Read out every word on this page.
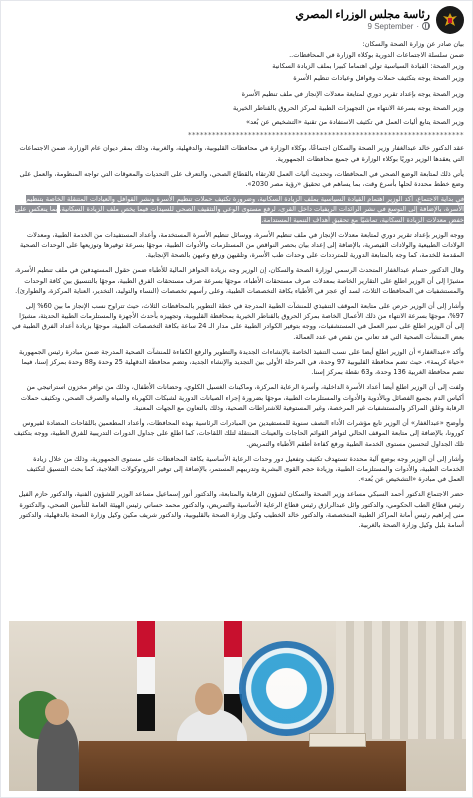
رئاسة مجلس الوزراء المصري
9 September ·

بيان صادر عن وزارة الصحة والسكان:

ضمن سلسلة الاجتماعات الدورية بوكلاء الوزارة في المحافظات..

وزير الصحة: القيادة السياسية تولي اهتماما كبيرا بملف الزيادة السكانية

وزير الصحة يوجه بتكثيف حملات وقوافل وعيادات تنظيم الأسرة

وزير الصحة يوجه بإعداد تقرير دوري لمتابعة معدلات الإنجاز في ملف تنظيم الأسرة

وزير الصحة يوجه بسرعة الانتهاء من التجهيزات الطبية لمركز الحروق بالقناطر الخيرية

وزير الصحة يتابع أليات العمل في تكثيف الاستفادة من تقنية «التشخيص عن بُعد»

*********************************************************************

عقد الدكتور خالد عبدالغفار وزير الصحة والسكان اجتماعًا، بوكلاء الوزارة في محافظات القليوبية، والدقهلية، والغربية، وذلك بمقر ديوان عام الوزارة، ضمن الاجتماعات التي يعقدها الوزير دوريًا بوكلاء الوزارة في جميع محافظات الجمهورية.

يأتي ذلك لمتابعة الوضع الصحي في المحافظات، وتحديث أليات العمل للارتقاء بالقطاع الصحي، والتعرف على التحديات والمعوقات التي تواجه المنظومة، والعمل على وضع خطط محددة لحلها بأسرع وقت، بما يساهم في تحقيق «رؤية مصر 2030».

في بداية الاجتماع، أكد الوزير اهتمام القيادة السياسية بملف الزيادة السكانية، وضرورة تكثيف حملات تنظيم الأسرة ونشر القوافل والعيادات المتنقلة الخاصة بتنظيم الأسرة، بالإضافة إلى التوسع في نشر الرائدات الريفيات داخل القرى، لرفع مستوى الوعي والتثقيف الصحي للسيدات فيما يخص ملف الزيادة السكانية، بما ينعكس على خفض معدلات الزيادة السكانية، تماشيًا مع تحقيق أهداف التنمية المستدامة.

ووجه الوزير بإعداد تقرير دوري لمتابعة معدلات الإنجاز في ملف تنظيم الأسرة، ووسائل تنظيم الأسرة المستخدمة، وأعداد المستفيدات من الخدمة الطبية، ومعدلات الولادات الطبيعية والولادات القيصرية، بالإضافة إلى إعداد بيان بحصر النواقص من المستلزمات والأدوات الطبية، موجهًا بسرعة توفيرها وتوزيعها على الوحدات الصحية المقدمة للخدمة، كما وجه بالمتابعة الدورية للمترددات على وحدات طب الأسرة، وتلقيهن ورفع وعيهن بالصحة الإنجابية.

وقال الدكتور حسام عبدالغفار المتحدث الرسمي لوزارة الصحة والسكان، إن الوزير وجه بزيادة الحوافز المالية للأطباء ضمن حقول المستهدفين في ملف تنظيم الأسرة، مشيرًا إلى أن الوزير اطلع على التقارير الخاصة بمعدلات صرف مستحقات الأطباء، موجهًا بسرعة صرف مستحقات الفرق الطبية، موجهًا بالتنسيق بين كافة الوحدات والمستشفيات في المحافظات الثلاث، لسد أي عجز في الأطباء بكافة التخصصات الطبية، وعلى رأسهم تخصصات (النساء والتوليد، التخدير، العناية المركزة، والطوارئ).

وأشار إلى أن الوزير حرص على متابعة الموقف التنفيذي للمنشآت الطبية المدرجة في خطة التطوير بالمحافظات الثلاث، حيث تتراوح نسب الإنجاز ما بين 60% إلى 97%، موجهًا بسرعة الانتهاء من ذلك الأعمال الخاصة بمركز الحروق بالقناطر الخيرية بمحافظة القليوبية، وتجهيزه بأحدث الأجهزة والمستلزمات الطبية الحديثة، مشيرًا إلى أن الوزير اطلع على سير العمل في المستشفيات، ووجه بتوفير الكوادر الطبية على مدار الـ 24 ساعة بكافة التخصصات الطبية، موجهًا بزيادة أعداد الفرق الطبية في بعض المنشآت الصحية التي قد تعاني من نقص في عدد العمالة.

وأكد «عبدالغفار» أن الوزير اطلع أيضا على نسب التنفيذ الخاصة بالإنشاءات الجديدة والتطوير والرفع الكفاءة للمنشآت الصحية المدرجة ضمن مبادرة رئيس الجمهورية «حياة كريمة»، حيث تضم محافظة القليوبية 97 وحدة، في المرحلة الأولى بين التجديد والإنشاء الجديد، وتضم محافظة الدقهلية 25 وحدة و88 وحدة بمركز إسنا، فيما تضم محافظة الغربية 136 وحدة، و63 نقطة بمركز إسنا.

ولفت إلى أن الوزير اطلع أيضا أعداد الأسرة الداخلية، وأسرة الرعاية المركزة، وماكينات الغسيل الكلوي، وحضانات الأطفال، وذلك من توافر مخزون استراتيجي من أكياس الدم بجميع الفصائل وبالأدوية والأدوات والمستلزمات الطبية، موجهًا بضرورة إجراء الصيانات الدورية لشبكات الكهرباء والمياه والصرف الصحي، وتكثيف حملات الرقابة وغلق المراكز والمستشفيات غير المرخصة، وغير المستوفية للاشتراطات الصحية، وذلك بالتعاون مع الجهات المعنية.

وأوضح «عبدالغفار» أن الوزير تابع مؤشرات الأداء النصف سنوية للمستفيدين من المبادرات الرئاسية بهذه المحافظات، وأعداد المطعمين باللقاحات المضادة لفيروس كورونا، بالإضافة إلى متابعة الموقف الحالي لتوافر القوائم الحاجات والعينات المنتقلة لتلك اللقاحات، كما اطلع على جداول الدورات التدريبية للفرق الطبية، ووجه بتكثيف تلك الجداول لتحسين مستوى الخدمة الطبية ورفع كفاءة أطقم الأطباء والتمريض.

وأشار إلى أن الوزير وجه بوضع آلية محددة تستهدف تكثيف وتفعيل دور وحدات الرعاية الأساسية بكافة المحافظات على مستوى الجمهورية، وذلك من خلال زيادة الخدمات الطبية، والأدوات والمستلزمات الطبية، وزيادة حجم القوى البشرية وتدريبهم المستمر، بالإضافة إلى توفير البروتوكولات العلاجية، كما بحث التنسيق لتكثيف العمل في مبادرة «التشخيص عن بُعد».

حضر الاجتماع الدكتور أحمد السبكي مساعد وزير الصحة والسكان لشؤون الرقابة والمتابعة، والدكتور أنور إسماعيل مساعد الوزير للشؤون الفنية، والدكتور حازم الفيل رئيس قطاع الطب الحكومي، والدكتور وائل عبدالرازق رئيس قطاع الرعاية الأساسية والتمريض، والدكتور محمد حساني رئيس الهيئة العامة للتأمين الصحي، والدكتورة منى إبراهيم رئيس أمانة المراكز الطبية المتخصصة، والدكتور خالد الخطيب وكيل وزارة الصحة بالقليوبية، والدكتور شريف مكين وكيل وزارة الصحة بالدقهلية، والدكتور أسامة بلبل وكيل وزارة الصحة بالغربية.
